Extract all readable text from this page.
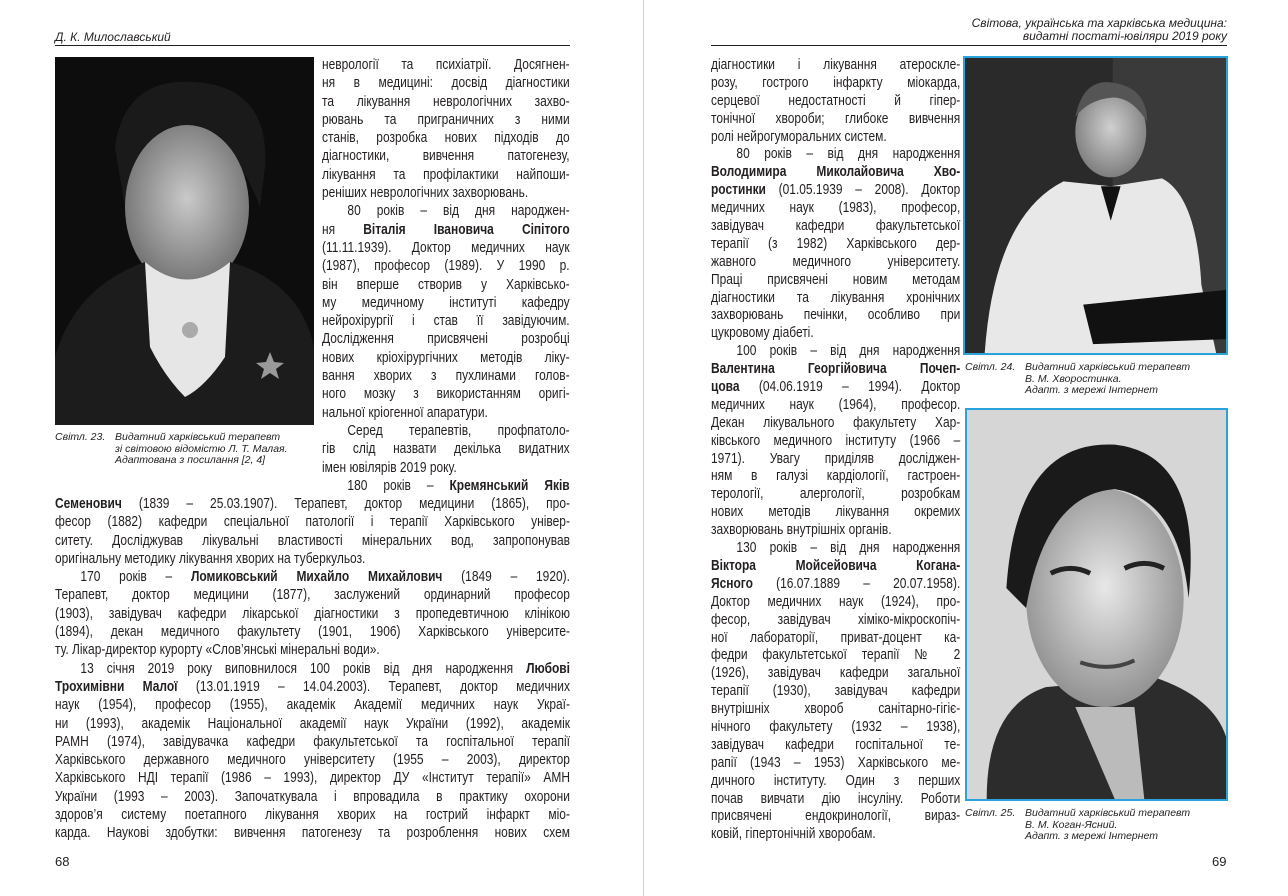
Д. К. Милославський
Світл. 23. Видатний харківський терапевт
зі світовою відомістю Л. Т. Малая.
Адаптована з посилання [2, 4]
неврології та психіатрії. Досягнен-
ня в медицині: досвід діагностики
та лікування неврологічних захво-
рювань та пригpаничних з ними
станів, розробка нових підходів до
діагностики, вивчення патогенезу,
лікування та профілактики найпоши-
реніших неврологічних захворювань.
80 років – від дня народжен-
ня Віталія Івановича Сіпітого
(11.11.1939). Доктор медичних наук
(1987), професор (1989). У 1990 р.
він вперше створив у Харківсько-
му медичному інституті кафедру
нейрохірургії і став її завідуючим.
Дослідження присвячені розробці
нових кріохірургічних методів ліку-
вання хворих з пухлинами голов-
ного мозку з використанням оригі-
нальної кріогенної апаратури.
Серед терапевтів, профпатоло-
гів слід назвати декілька видатних
імен ювілярів 2019 року.
180 років – Кремянський Яків
Семенович (1839 – 25.03.1907). Терапевт, доктор медицини (1865), про-
фесор (1882) кафедри спеціальної патології і терапії Харківського універ-
ситету. Досліджував лікувальні властивості мінеральних вод, запропонував
оригінальну методику лікування хворих на туберкульоз.
170 років – Ломиковський Михайло Михайлович (1849 – 1920).
Терапевт, доктор медицини (1877), заслужений ординарний професор
(1903), завідувач кафедри лікарської діагностики з пропедевтичною клінікою
(1894), декан медичного факультету (1901, 1906) Харківського університе-
ту. Лікар-директор курорту «Слов’янські мінеральні води».
13 січня 2019 року виповнилося 100 років від дня народження Любові
Трохимівни Малої (13.01.1919 – 14.04.2003). Терапевт, доктор медичних
наук (1954), професор (1955), академік Академії медичних наук Украї-
ни (1993), академік Національної академії наук України (1992), академік
РАМН (1974), завідувачка кафедри факультетської та госпітальної терапії
Харківського державного медичного університету (1955 – 2003), директор
Харківського НДІ терапії (1986 – 1993), директор ДУ «Інститут терапії» АМН
України (1993 – 2003). Започаткувала і впровадила в практику охорони
здоров’я систему поетапного лікування хворих на гострий інфаркт міо-
карда. Наукові здобутки: вивчення патогенезу та розроблення нових схем
68
Світова, українська та харківська медицина:
видатні постаті-ювіляри 2019 року
діагностики і лікування атероскле-
розу, гострого інфаркту міокарда,
серцевої недостатності й гіпер-
тонічної хвороби; глибоке вивчення
ролі нейрогуморальних систем.
80 років – від дня народження
Володимира Миколайовича Хво-
ростинки (01.05.1939 – 2008). Доктор
медичних наук (1983), професор,
завідувач кафедри факультетської
терапії (з 1982) Харківського дер-
жавного медичного університету.
Праці присвячені новим методам
діагностики та лікування хронічних
захворювань печінки, особливо при
цукровому діабеті.
100 років – від дня народження
Валентина Георгійовича Почеп-
цова (04.06.1919 – 1994). Доктор
медичних наук (1964), професор.
Декан лікувального факультету Хар-
ківського медичного інституту (1966 –
1971). Увагу приділяв досліджен-
ням в галузі кардіології, гастроен-
терології, алергології, розробкам
нових методів лікування окремих
захворювань внутрішніх органів.
130 років – від дня народження
Віктора Мойсейовича Когана-
Ясного (16.07.1889 – 20.07.1958).
Доктор медичних наук (1924), про-
фесор, завідувач хіміко-мікроскопіч-
ної лабораторії, приват-доцент ка-
федри факультетської терапії № 2
(1926), завідувач кафедри загальної
терапії (1930), завідувач кафедри
внутрішніх хвороб санітарно-гігіє-
нічного факультету (1932 – 1938),
завідувач кафедри госпітальної те-
рапії (1943 – 1953) Харківського ме-
дичного інституту. Один з перших
почав вивчати дію інсуліну. Роботи
присвячені ендокринології, вираз-
ковій, гіпертонічній хворобам.
Світл. 24. Видатний харківський терапевт
В. М. Хворостинка.
Адапт. з мережі Інтернет
Світл. 25. Видатний харківський терапевт
В. М. Коган-Ясний.
Адапт. з мережі Інтернет
69
